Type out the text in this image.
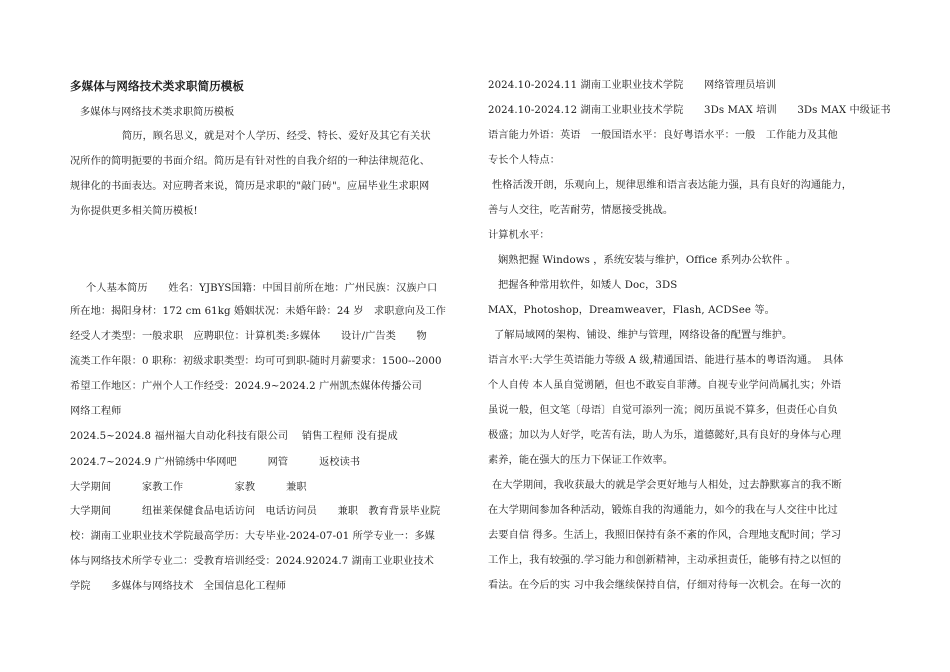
多媒体与网络技术类求职简历模板
多媒体与网络技术类求职简历模板
简历，顾名思义，就是对个人学历、经受、特长、爱好及其它有关状
况所作的简明扼要的书面介绍。简历是有针对性的自我介绍的一种法律规范化、
规律化的书面表达。对应聘者来说，简历是求职的"敲门砖"。应届毕业生求职网
为你提供更多相关简历模板!
个人基本简历　　姓名：YJBYS国籍：中国目前所在地：广州民族：汉族户口
所在地：揭阳身材：172 cm 61kg 婚姻状况：未婚年龄：24 岁　求职意向及工作
经受人才类型：一般求职　应聘职位：计算机类:多媒体　　设计/广告类　　物
流类工作年限：0 职称：初级求职类型：均可可到职-随时月薪要求：1500--2000
希望工作地区：广州个人工作经受：2024.9~2024.2 广州凯杰媒体传播公司
网络工程师
2024.5~2024.8 福州福大自动化科技有限公司　 销售工程师 没有提成
2024.7~2024.9 广州锦绣中华网吧　　　网管　　　返校读书
大学期间　　　家教工作　　　　　家教　　　兼职
大学期间　　　纽崔莱保健食品电话访问　电话访问员　　兼职　教育背景毕业院
校：湖南工业职业技术学院最高学历：大专毕业-2024-07-01 所学专业一：多媒
体与网络技术所学专业二：受教育培训经受：2024.92024.7 湖南工业职业技术
学院　　多媒体与网络技术　全国信息化工程师
2024.10-2024.11 湖南工业职业技术学院　　网络管理员培训
2024.10-2024.12 湖南工业职业技术学院　　3Ds MAX 培训　　3Ds MAX 中级证书
语言能力外语：英语　一般国语水平：良好粤语水平：一般　工作能力及其他
专长个人特点：
性格活泼开朗，乐观向上，规律思维和语言表达能力强，具有良好的沟通能力，
善与人交往，吃苦耐劳，情愿接受挑战。
计算机水平：
娴熟把握 Windows ，系统安装与维护，Office 系列办公软件 。
把握各种常用软件，如矮人 Doc，3DS
MAX，Photoshop，Dreamweaver，Flash, ACDSee 等。
了解局域网的架构、铺设、维护与管理，网络设备的配置与维护。
语言水平:大学生英语能力等级 A 级,精通国语、能进行基本的粤语沟通。　具体
个人自传 本人虽自觉谫陋，但也不敢妄自菲薄。自视专业学问尚属扎实；外语
虽说一般，但文笔〔母语〕自觉可添列一流；阅历虽说不算多，但责任心自负
极盛；加以为人好学，吃苦有法，助人为乐，道德懿好,具有良好的身体与心理
素养，能在强大的压力下保证工作效率。
在大学期间，我收获最大的就是学会更好地与人相处，过去静默寡言的我不断
在大学期间参加各种活动，锻炼自我的沟通能力，如今的我在与人交往中比过
去要自信 得多。生活上，我照旧保持有条不紊的作风，合理地支配时间；学习
工作上，我有较强的.学习能力和创新精神，主动承担责任，能够有持之以恒的
看法。在今后的实 习中我会继续保持自信，仔细对待每一次机会。在每一次的
